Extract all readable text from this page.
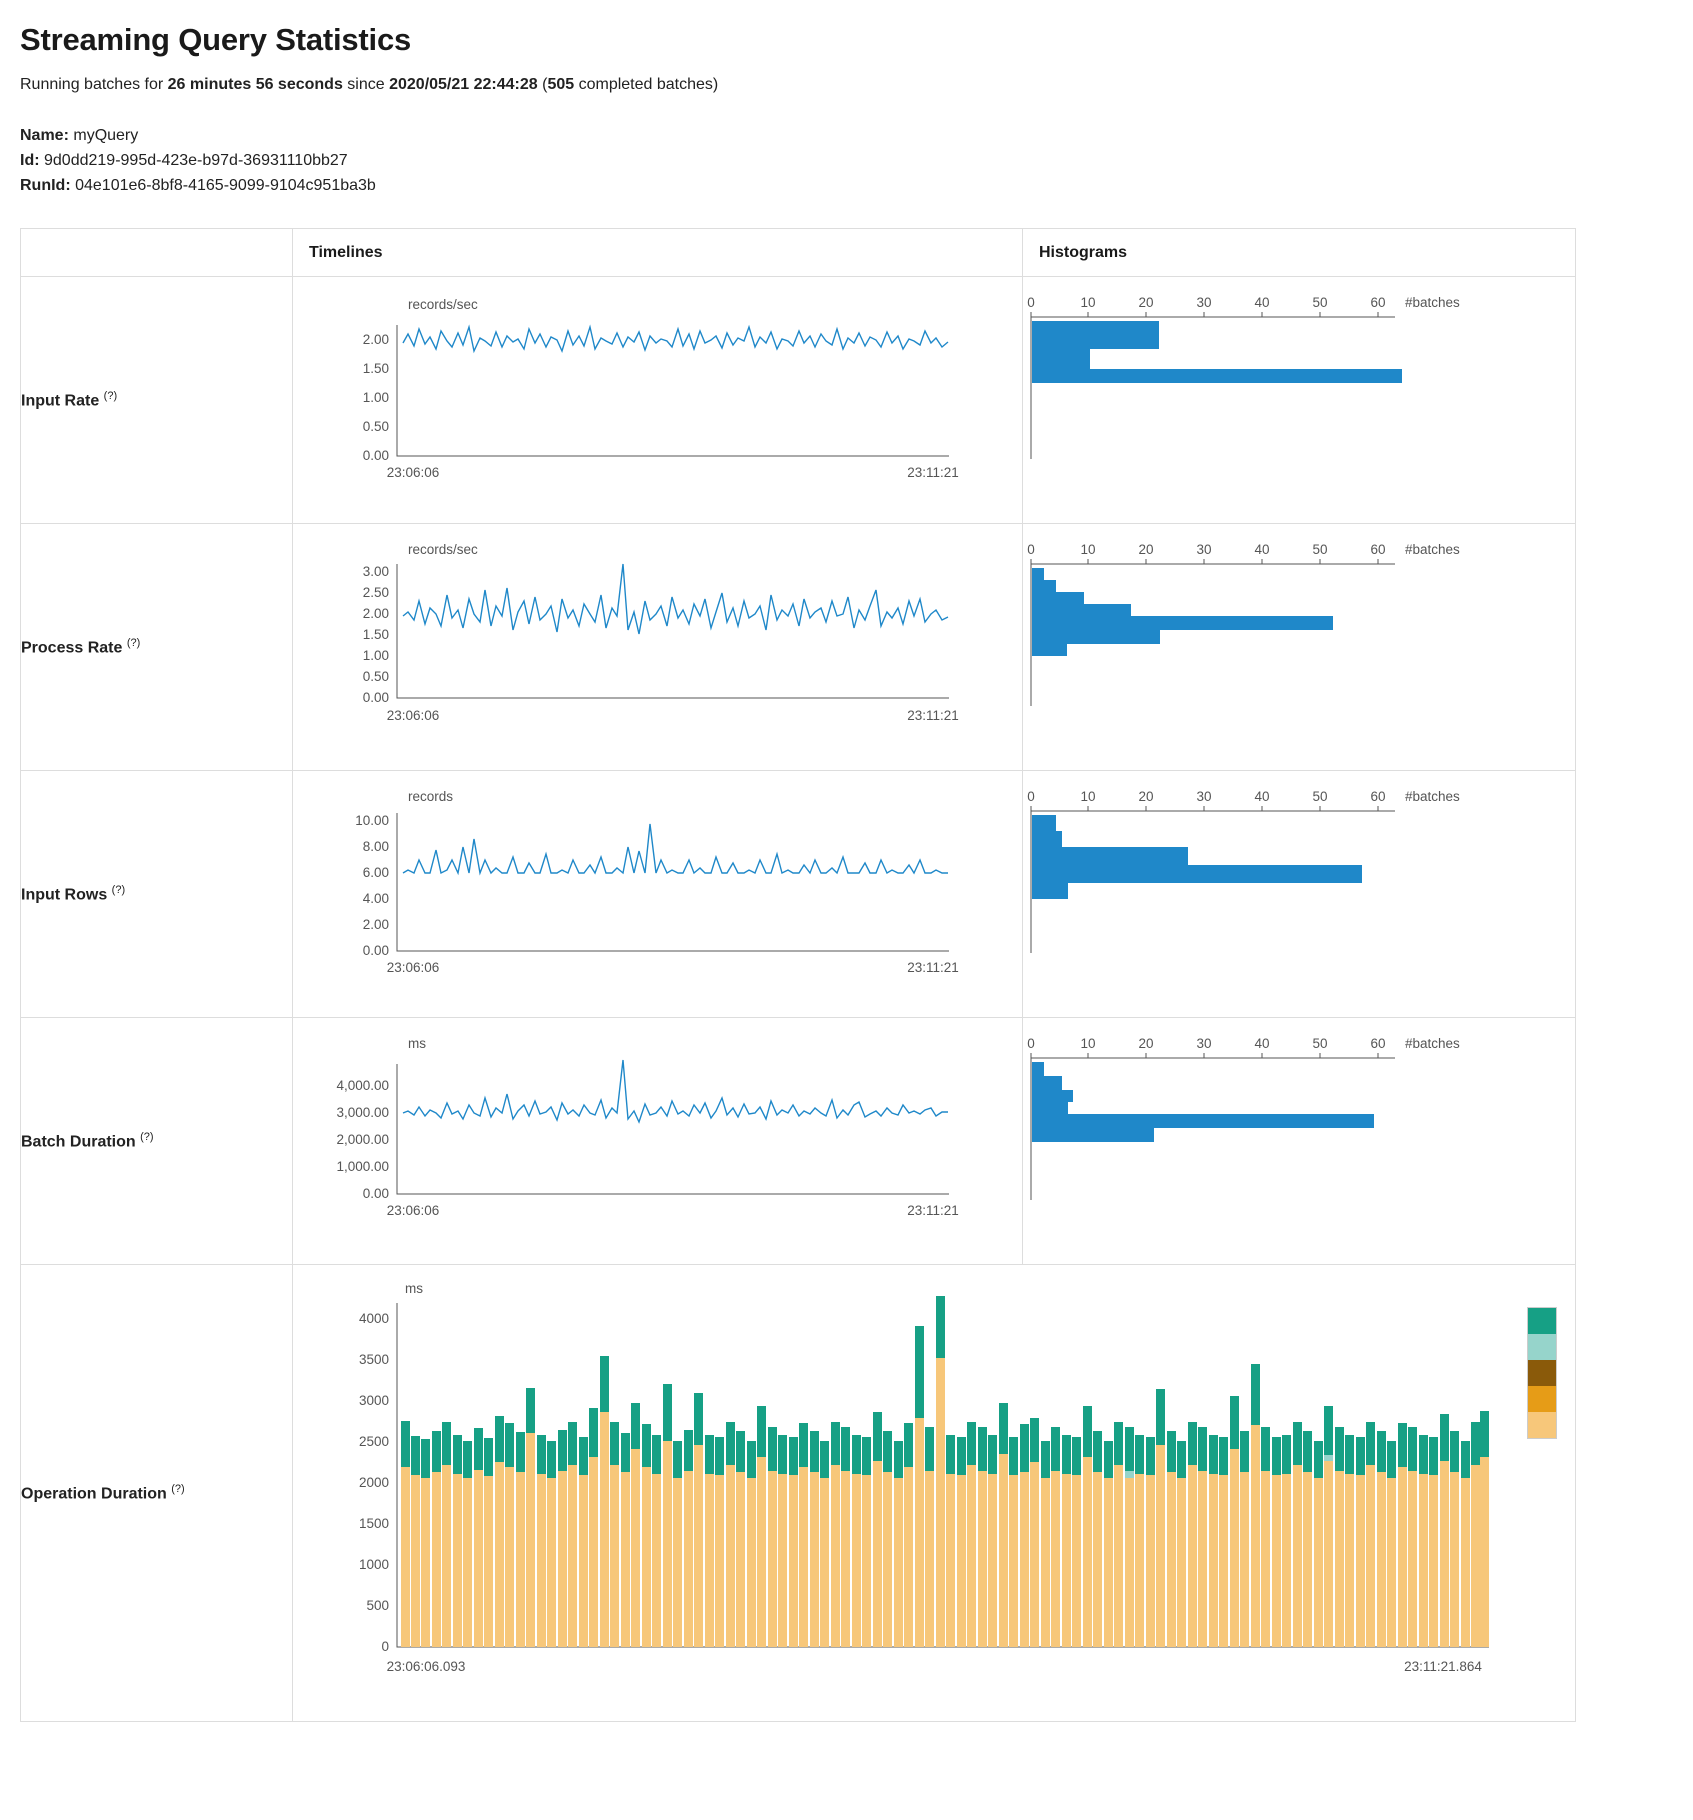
Streaming Query Statistics
Running batches for 26 minutes 56 seconds since 2020/05/21 22:44:28 (505 completed batches)
Name: myQuery
Id: 9d0dd219-995d-423e-b97d-36931110bb27
RunId: 04e101e6-8bf8-4165-9099-9104c951ba3b
	Timelines	Histograms
Input Rate (?)	
records/sec
2.00
1.50
1.00
0.50
0.00
23:06:06	23:11:21

0	10	20	30	40	50	60 #batches

Process Rate (?)	
records/sec
3.00
2.50
2.00
1.50
1.00
0.50
0.00
23:06:06	23:11:21

0	10	20	30	40	50	60 #batches

Input Rows (?)	
records
10.00
8.00
6.00
4.00
2.00
0.00
23:06:06	23:11:21

0	10	20	30	40	50	60 #batches

Batch Duration (?)	
ms
4,000.00
3,000.00
2,000.00
1,000.00
0.00
23:06:06	23:11:21

0	10	20	30	40	50	60 #batches

Operation Duration (?)	
ms
4000
3500
3000
2500
2000
1500
1000
500
0
23:06:06.093	23:11:21.864
